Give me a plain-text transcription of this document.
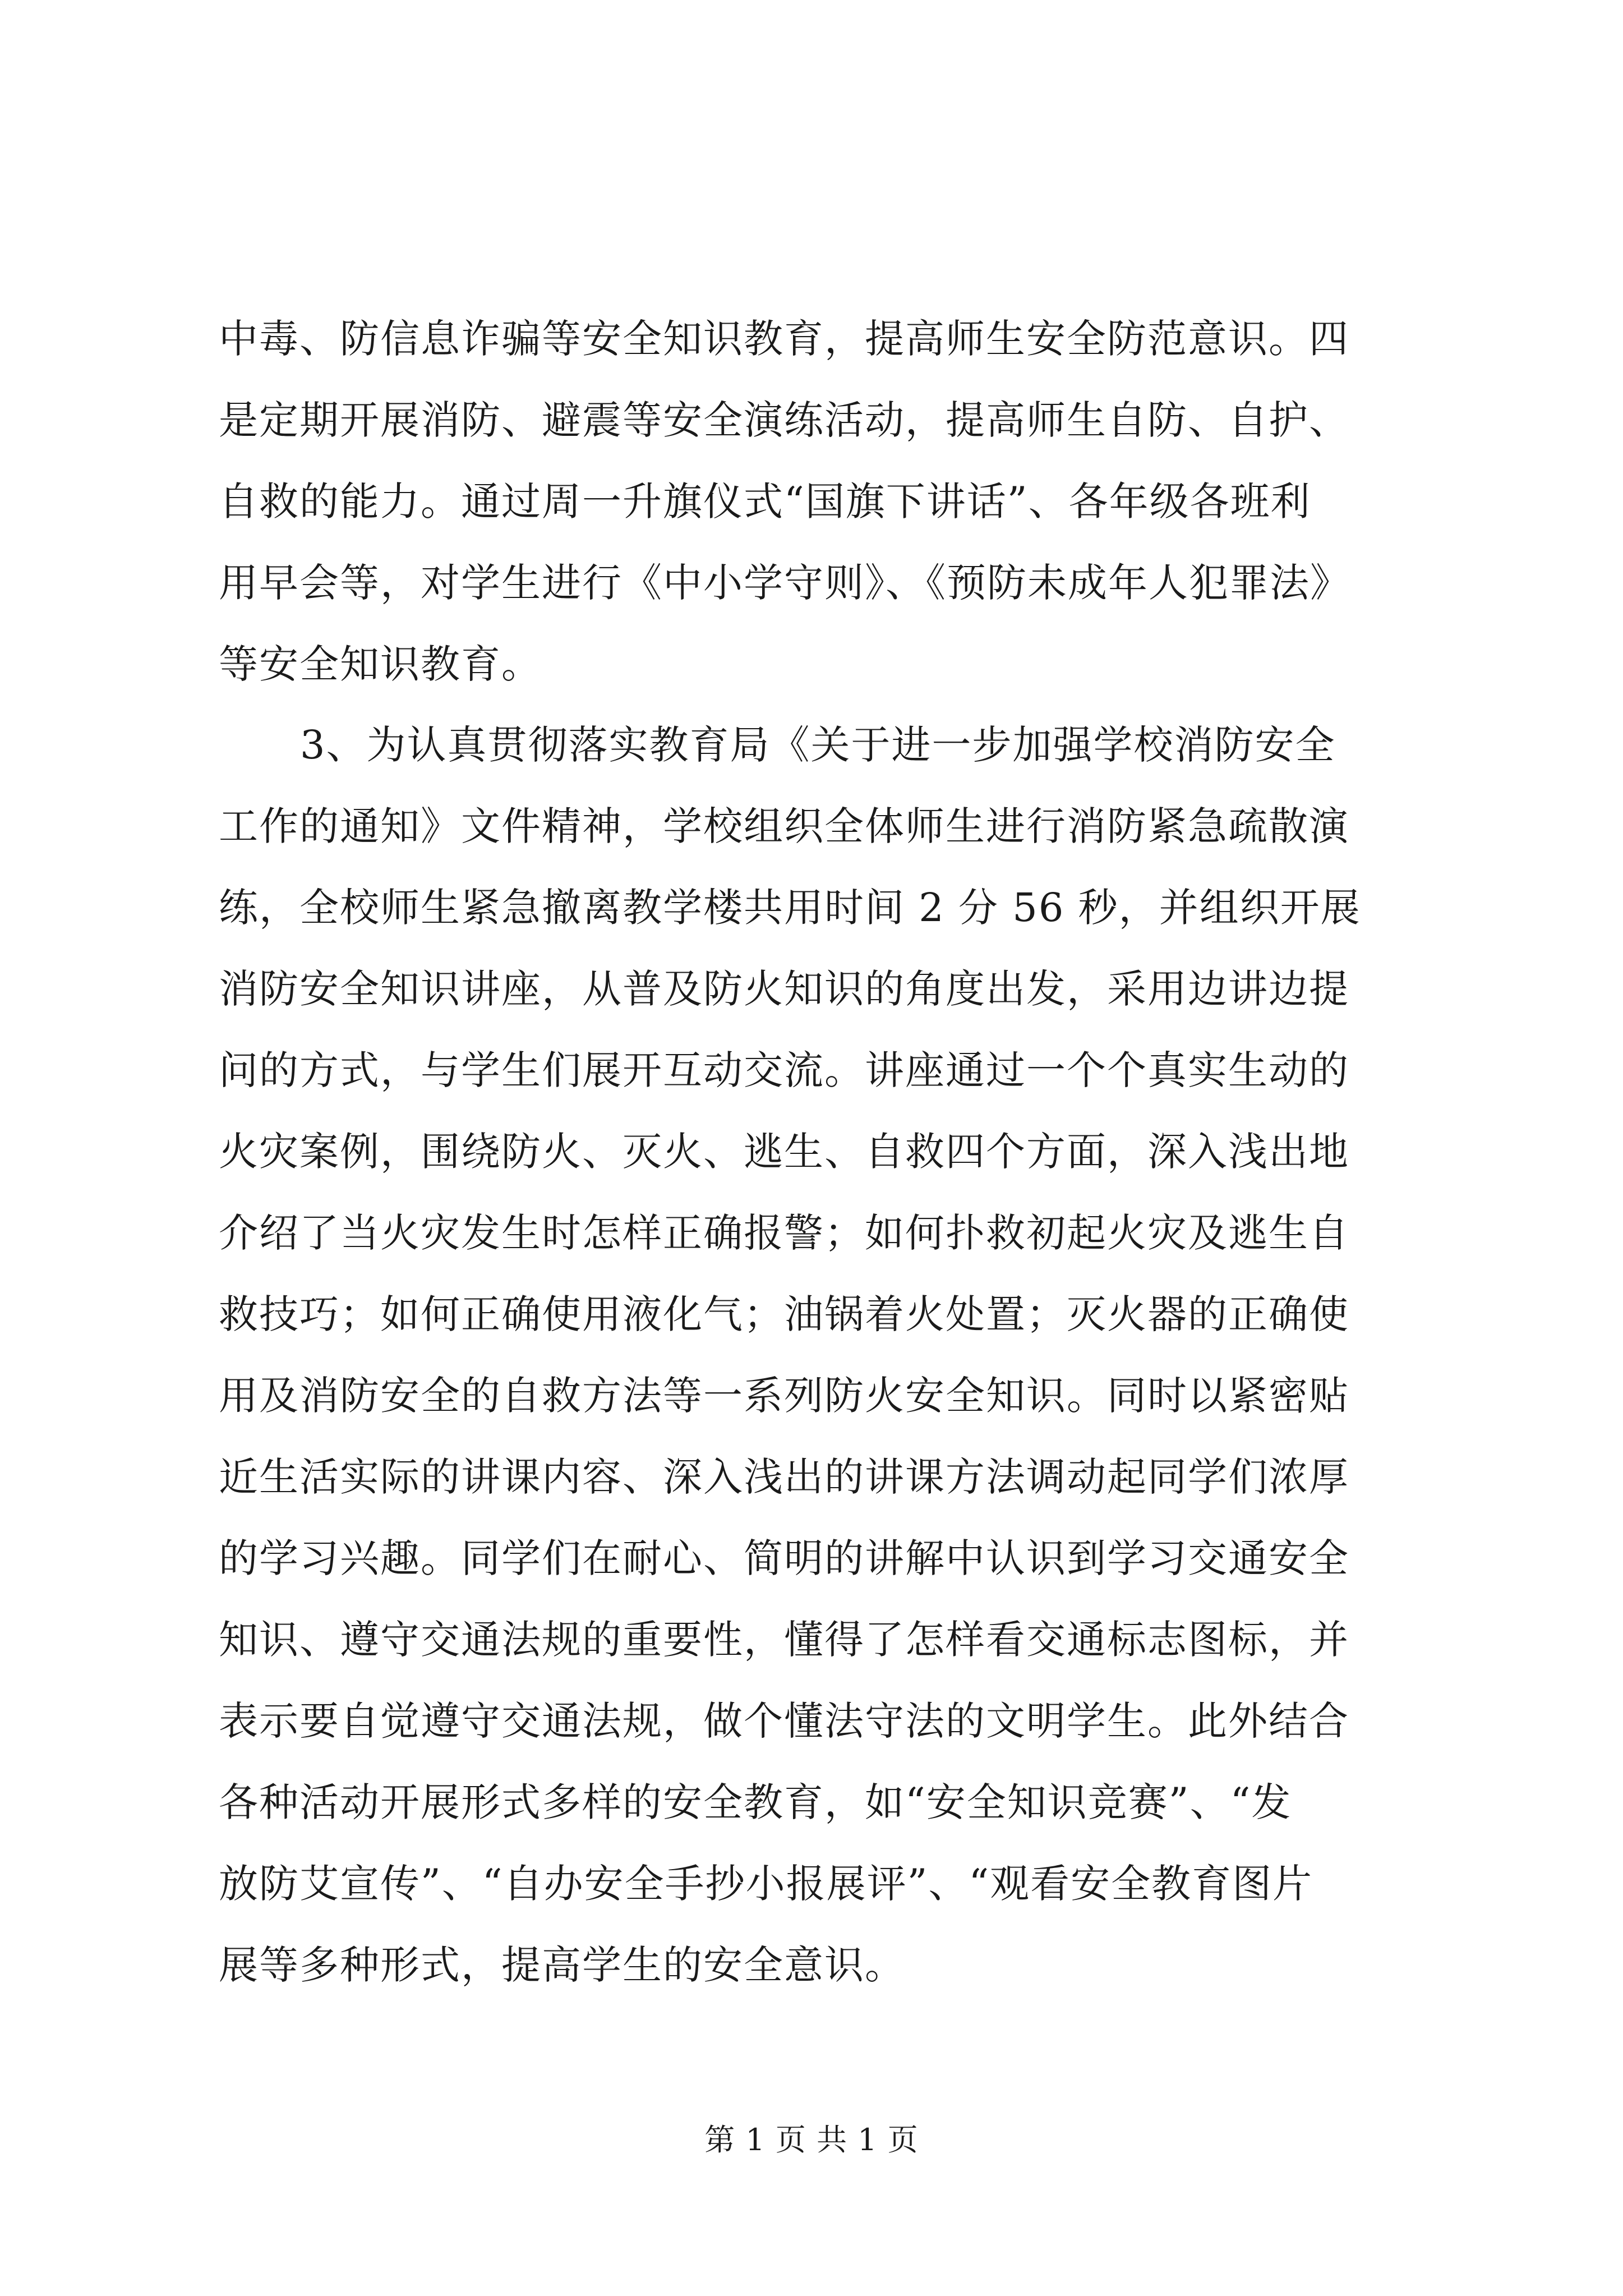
中毒、防信息诈骗等安全知识教育，提高师生安全防范意识。四
是定期开展消防、避震等安全演练活动，提高师生自防、自护、
自救的能力。通过周一升旗仪式“国旗下讲话”、各年级各班利
用早会等，对学生进行《中小学守则》、《预防未成年人犯罪法》
等安全知识教育。
3、为认真贯彻落实教育局《关于进一步加强学校消防安全
工作的通知》文件精神，学校组织全体师生进行消防紧急疏散演
练，全校师生紧急撤离教学楼共用时间 2 分 56 秒，并组织开展
消防安全知识讲座，从普及防火知识的角度出发，采用边讲边提
问的方式，与学生们展开互动交流。讲座通过一个个真实生动的
火灾案例，围绕防火、灭火、逃生、自救四个方面，深入浅出地
介绍了当火灾发生时怎样正确报警；如何扑救初起火灾及逃生自
救技巧；如何正确使用液化气；油锅着火处置；灭火器的正确使
用及消防安全的自救方法等一系列防火安全知识。同时以紧密贴
近生活实际的讲课内容、深入浅出的讲课方法调动起同学们浓厚
的学习兴趣。同学们在耐心、简明的讲解中认识到学习交通安全
知识、遵守交通法规的重要性，懂得了怎样看交通标志图标，并
表示要自觉遵守交通法规，做个懂法守法的文明学生。此外结合
各种活动开展形式多样的安全教育，如“安全知识竞赛”、“发
放防艾宣传”、“自办安全手抄小报展评”、“观看安全教育图片
展等多种形式，提高学生的安全意识。
第 1 页 共 1 页
